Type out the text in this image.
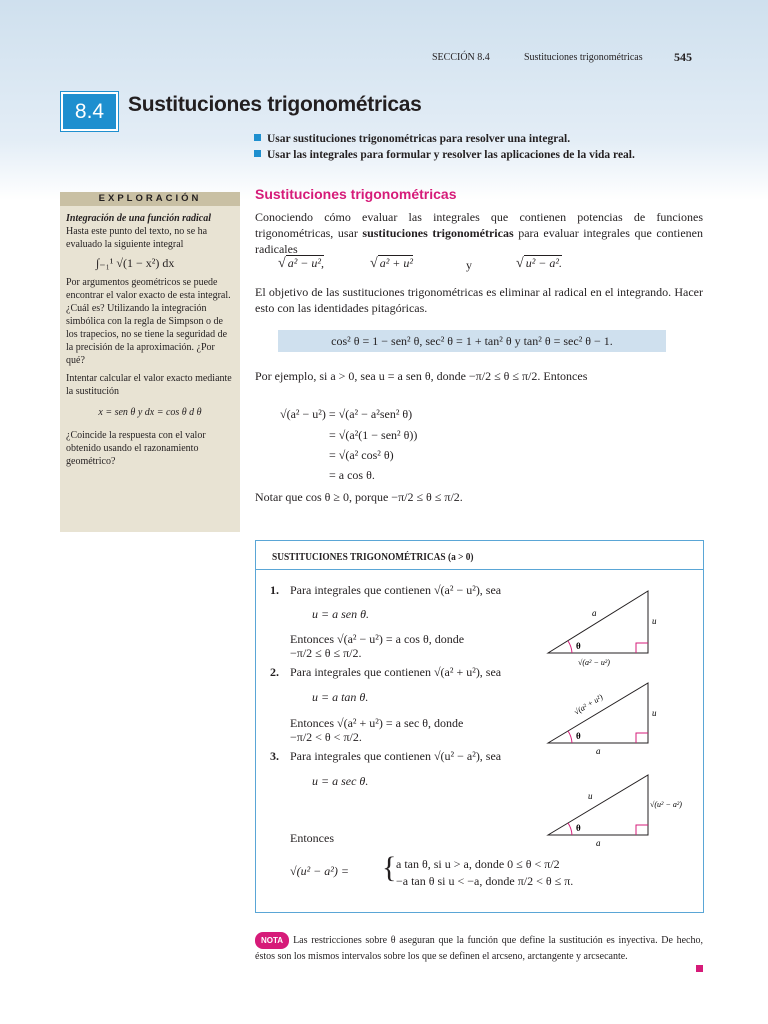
SECCIÓN 8.4	Sustituciones trigonométricas	545
8.4	Sustituciones trigonométricas
Usar sustituciones trigonométricas para resolver una integral.
Usar las integrales para formular y resolver las aplicaciones de la vida real.
EXPLORACIÓN

Integración de una función radical   Hasta este punto del texto, no se ha evaluado la siguiente integral

∫₋₁¹ √(1 − x²) dx

Por argumentos geométricos se puede encontrar el valor exacto de esta integral. ¿Cuál es? Utilizando la integración simbólica con la regla de Simpson o de los trapecios, no se tiene la seguridad de la precisión de la aproximación. ¿Por qué?

Intentar calcular el valor exacto mediante la sustitución

x = sen θ y dx = cos θ d θ

¿Coincide la respuesta con el valor obtenido usando el razonamiento geométrico?

Sustituciones trigonométricas
Conociendo cómo evaluar las integrales que contienen potencias de funciones trigonométricas, usar sustituciones trigonométricas para evaluar integrales que contienen radicales
√ a² − u²,	√ a² + u²	y	√ u² − a².
El objetivo de las sustituciones trigonométricas es eliminar al radical en el integrando. Hacer esto con las identidades pitagóricas.
cos² θ = 1 − sen² θ, sec² θ = 1 + tan² θ y tan² θ = sec² θ − 1.
Por ejemplo, si a > 0, sea u = a sen θ, donde −π/2 ≤ θ ≤ π/2. Entonces
√(a² − u²) = √(a² − a²sen² θ)
= √(a²(1 − sen² θ))
= √(a² cos² θ)
= a cos θ.
Notar que cos θ ≥ 0, porque −π/2 ≤ θ ≤ π/2.
SUSTITUCIONES TRIGONOMÉTRICAS (a > 0)
1. Para integrales que contienen √(a² − u²), sea
u = a sen θ.
Entonces √(a² − u²) = a cos θ, donde
−π/2 ≤ θ ≤ π/2.
2. Para integrales que contienen √(a² + u²), sea
u = a tan θ.
Entonces √(a² + u²) = a sec θ, donde
−π/2 < θ < π/2.
3. Para integrales que contienen √(u² − a²), sea
u = a sec θ.
Entonces
√(u² − a²) = { a tan θ, si u > a, donde 0 ≤ θ < π/2
−a tan θ si u < −a, donde π/2 < θ ≤ π.
a
u
θ
√(a² − u²)
√(a² + u²)	u
θ
a
u
√(u² − a²)
θ
a
NOTA Las restricciones sobre θ aseguran que la función que define la sustitución es inyectiva. De hecho, éstos son los mismos intervalos sobre los que se definen el arcseno, arctangente y arcsecante.
